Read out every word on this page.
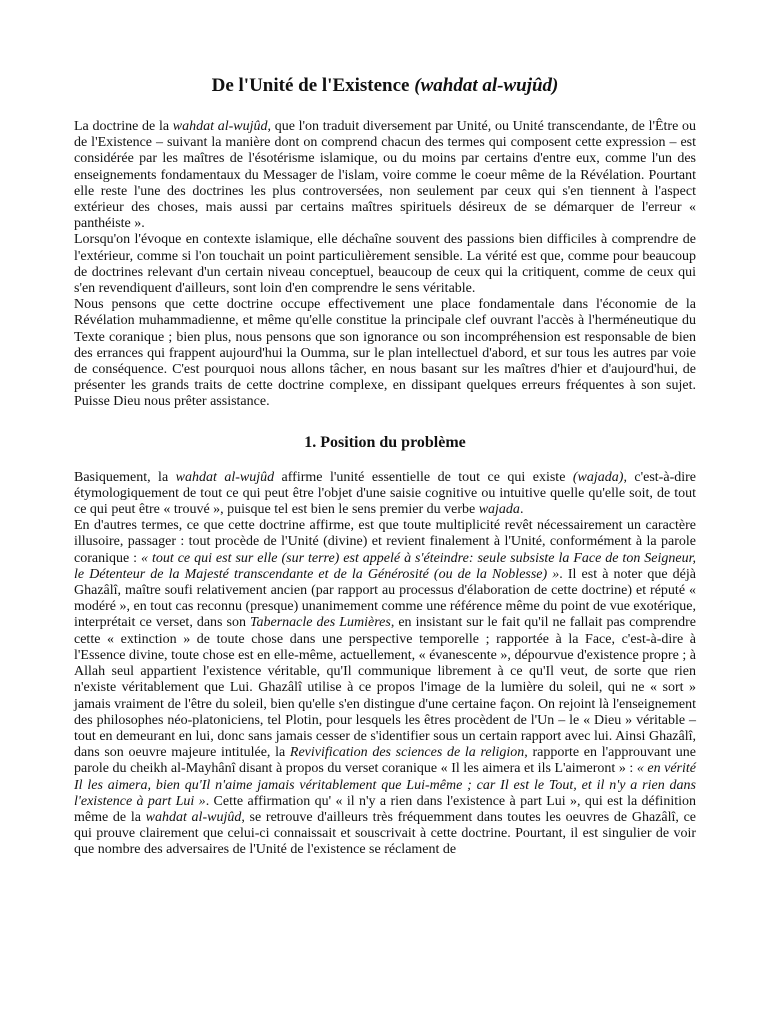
De l'Unité de l'Existence (wahdat al-wujûd)

La doctrine de la wahdat al-wujûd, que l'on traduit diversement par Unité, ou Unité transcendante, de l'Être ou de l'Existence – suivant la manière dont on comprend chacun des termes qui composent cette expression – est considérée par les maîtres de l'ésotérisme islamique, ou du moins par certains d'entre eux, comme l'un des enseignements fondamentaux du Messager de l'islam, voire comme le coeur même de la Révélation. Pourtant elle reste l'une des doctrines les plus controversées, non seulement par ceux qui s'en tiennent à l'aspect extérieur des choses, mais aussi par certains maîtres spirituels désireux de se démarquer de l'erreur « panthéiste ».

Lorsqu'on l'évoque en contexte islamique, elle déchaîne souvent des passions bien difficiles à comprendre de l'extérieur, comme si l'on touchait un point particulièrement sensible. La vérité est que, comme pour beaucoup de doctrines relevant d'un certain niveau conceptuel, beaucoup de ceux qui la critiquent, comme de ceux qui s'en revendiquent d'ailleurs, sont loin d'en comprendre le sens véritable.

Nous pensons que cette doctrine occupe effectivement une place fondamentale dans l'économie de la Révélation muhammadienne, et même qu'elle constitue la principale clef ouvrant l'accès à l'herméneutique du Texte coranique ; bien plus, nous pensons que son ignorance ou son incompréhension est responsable de bien des errances qui frappent aujourd'hui la Oumma, sur le plan intellectuel d'abord, et sur tous les autres par voie de conséquence. C'est pourquoi nous allons tâcher, en nous basant sur les maîtres d'hier et d'aujourd'hui, de présenter les grands traits de cette doctrine complexe, en dissipant quelques erreurs fréquentes à son sujet. Puisse Dieu nous prêter assistance.

1. Position du problème

Basiquement, la wahdat al-wujûd affirme l'unité essentielle de tout ce qui existe (wajada), c'est-à-dire étymologiquement de tout ce qui peut être l'objet d'une saisie cognitive ou intuitive quelle qu'elle soit, de tout ce qui peut être « trouvé », puisque tel est bien le sens premier du verbe wajada.

En d'autres termes, ce que cette doctrine affirme, est que toute multiplicité revêt nécessairement un caractère illusoire, passager : tout procède de l'Unité (divine) et revient finalement à l'Unité, conformément à la parole coranique : « tout ce qui est sur elle (sur terre) est appelé à s'éteindre: seule subsiste la Face de ton Seigneur, le Détenteur de la Majesté transcendante et de la Générosité (ou de la Noblesse) ». Il est à noter que déjà Ghazâlî, maître soufi relativement ancien (par rapport au processus d'élaboration de cette doctrine) et réputé « modéré », en tout cas reconnu (presque) unanimement comme une référence même du point de vue exotérique, interprétait ce verset, dans son Tabernacle des Lumières, en insistant sur le fait qu'il ne fallait pas comprendre cette « extinction » de toute chose dans une perspective temporelle ; rapportée à la Face, c'est-à-dire à l'Essence divine, toute chose est en elle-même, actuellement, « évanescente », dépourvue d'existence propre ; à Allah seul appartient l'existence véritable, qu'Il communique librement à ce qu'Il veut, de sorte que rien n'existe véritablement que Lui. Ghazâlî utilise à ce propos l'image de la lumière du soleil, qui ne « sort » jamais vraiment de l'être du soleil, bien qu'elle s'en distingue d'une certaine façon. On rejoint là l'enseignement des philosophes néo-platoniciens, tel Plotin, pour lesquels les êtres procèdent de l'Un – le « Dieu » véritable – tout en demeurant en lui, donc sans jamais cesser de s'identifier sous un certain rapport avec lui. Ainsi Ghazâlî, dans son oeuvre majeure intitulée, la Revivification des sciences de la religion, rapporte en l'approuvant une parole du cheikh al-Mayhânî disant à propos du verset coranique « Il les aimera et ils L'aimeront » : « en vérité Il les aimera, bien qu'Il n'aime jamais véritablement que Lui-même ; car Il est le Tout, et il n'y a rien dans l'existence à part Lui ». Cette affirmation qu' « il n'y a rien dans l'existence à part Lui », qui est la définition même de la wahdat al-wujûd, se retrouve d'ailleurs très fréquemment dans toutes les oeuvres de Ghazâlî, ce qui prouve clairement que celui-ci connaissait et souscrivait à cette doctrine. Pourtant, il est singulier de voir que nombre des adversaires de l'Unité de l'existence se réclament de
